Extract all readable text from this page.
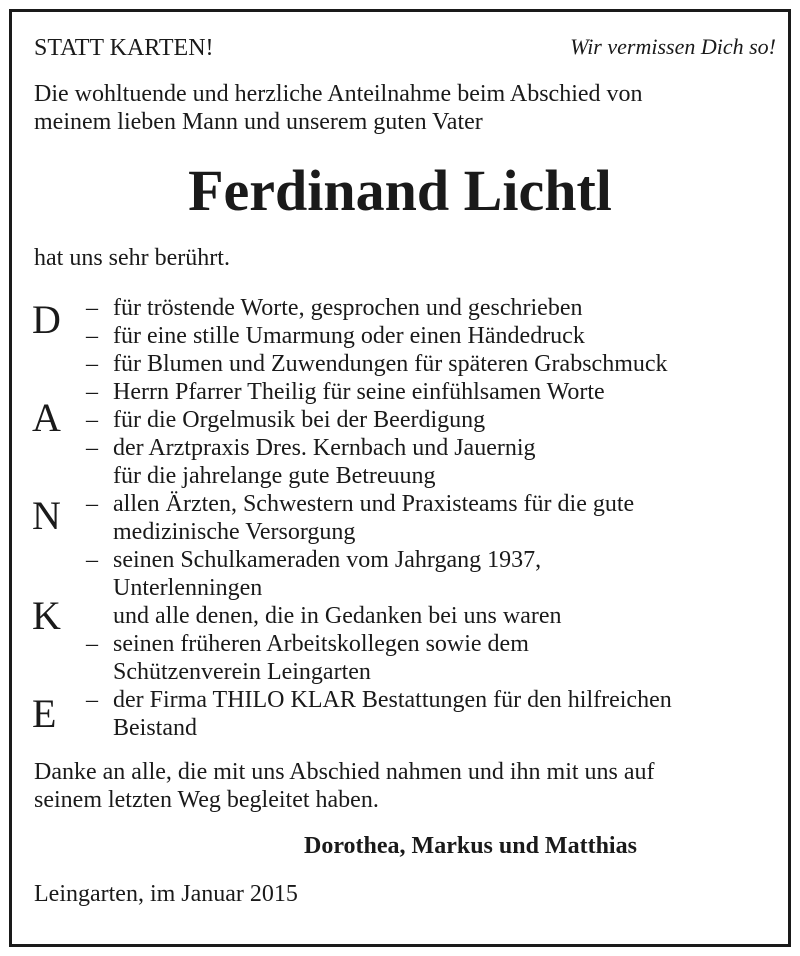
STATT KARTEN!	Wir vermissen Dich so!
Die wohltuende und herzliche Anteilnahme beim Abschied von
meinem lieben Mann und unserem guten Vater
Ferdinand Lichtl
hat uns sehr berührt.
D
A
N
K
E
–
–
–
–
–
–
–
–
–
–
für tröstende Worte, gesprochen und geschrieben
für eine stille Umarmung oder einen Händedruck
für Blumen und Zuwendungen für späteren Grabschmuck
Herrn Pfarrer Theilig für seine einfühlsamen Worte
für die Orgelmusik bei der Beerdigung
der Arztpraxis Dres. Kernbach und Jauernig
für die jahrelange gute Betreuung
allen Ärzten, Schwestern und Praxisteams für die gute
medizinische Versorgung
seinen Schulkameraden vom Jahrgang 1937,
Unterlenningen
und alle denen, die in Gedanken bei uns waren
seinen früheren Arbeitskollegen sowie dem
Schützenverein Leingarten
der Firma THILO KLAR Bestattungen für den hilfreichen
Beistand
Danke an alle, die mit uns Abschied nahmen und ihn mit uns auf
seinem letzten Weg begleitet haben.
Dorothea, Markus und Matthias
Leingarten, im Januar 2015
